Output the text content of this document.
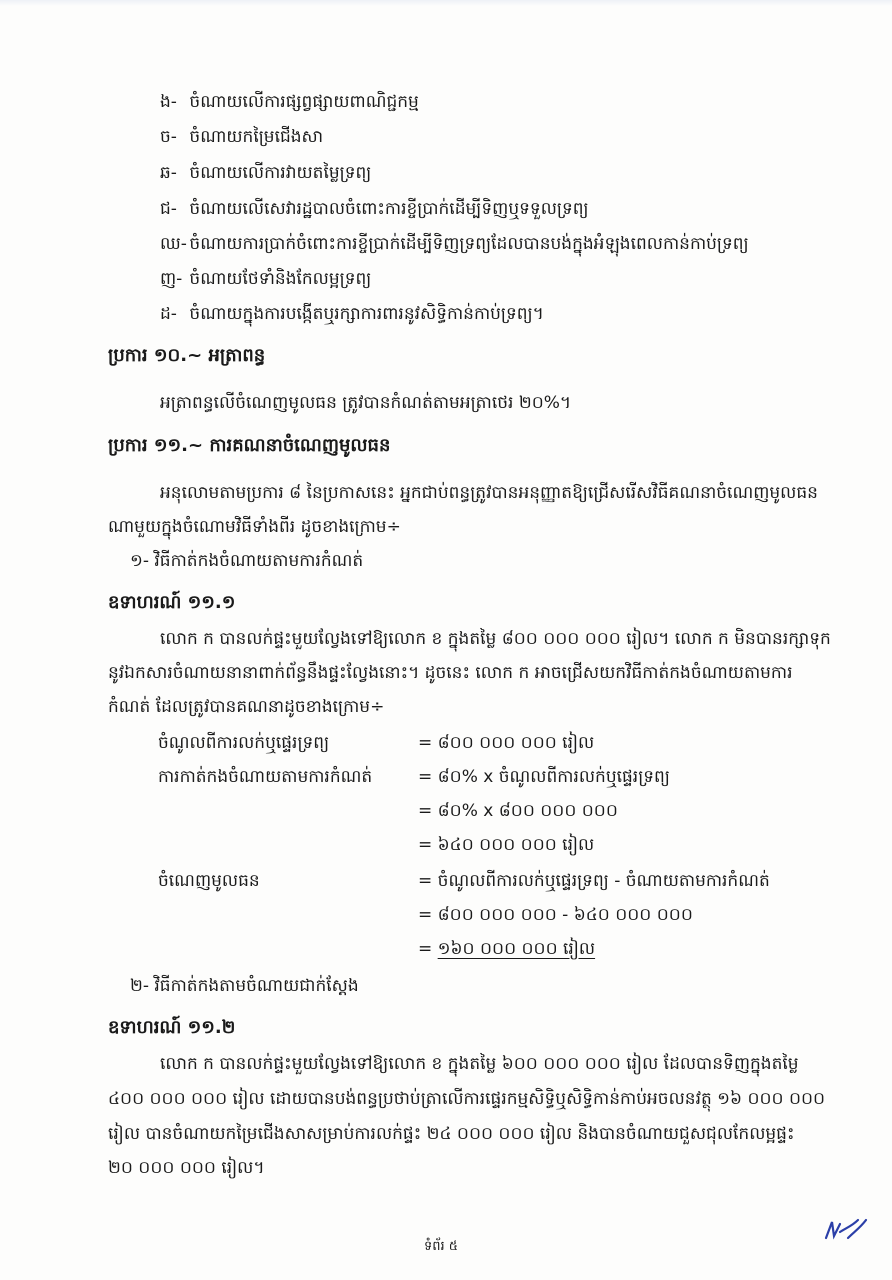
ង- ចំណាយលើការផ្សព្វផ្សាយពាណិជ្ជកម្ម
ច- ចំណាយកម្រៃជើងសា
ឆ- ចំណាយលើការវាយតម្លៃទ្រព្យ
ជ- ចំណាយលើសេវារដ្ឋបាលចំពោះការខ្ចីប្រាក់ដើម្បីទិញឬទទួលទ្រព្យ
ឈ- ចំណាយការប្រាក់ចំពោះការខ្ចីប្រាក់ដើម្បីទិញទ្រព្យដែលបានបង់ក្នុងអំឡុងពេលកាន់កាប់ទ្រព្យ
ញ- ចំណាយថែទាំនិងកែលម្អទ្រព្យ
ដ- ចំណាយក្នុងការបង្កើតឬរក្សាការពារនូវសិទ្ធិកាន់កាប់ទ្រព្យ។
ប្រការ ១០.~ អត្រាពន្ធ
អត្រាពន្ធលើចំណេញមូលធន ត្រូវបានកំណត់តាមអត្រាថេរ ២០%។
ប្រការ ១១.~ ការគណនាចំណេញមូលធន
អនុលោមតាមប្រការ ៨ នៃប្រកាសនេះ អ្នកជាប់ពន្ធត្រូវបានអនុញ្ញាតឱ្យជ្រើសរើសវិធីគណនាចំណេញមូលធន
ណាមួយក្នុងចំណោមវិធីទាំងពីរ ដូចខាងក្រោម÷
១- វិធីកាត់កងចំណាយតាមការកំណត់
ឧទាហរណ៍ ១១.១
លោក ក បានលក់ផ្ទះមួយល្វែងទៅឱ្យលោក ខ ក្នុងតម្លៃ ៨០០ ០០០ ០០០ រៀល។ លោក ក មិនបានរក្សាទុក
នូវឯកសារចំណាយនានាពាក់ព័ន្ធនឹងផ្ទះល្វែងនោះ។ ដូចនេះ លោក ក អាចជ្រើសយកវិធីកាត់កងចំណាយតាមការ
កំណត់ ដែលត្រូវបានគណនាដូចខាងក្រោម÷
ចំណូលពីការលក់ឬផ្ទេរទ្រព្យ	= ៨០០ ០០០ ០០០ រៀល
ការកាត់កងចំណាយតាមការកំណត់	= ៨០% x ចំណូលពីការលក់ឬផ្ទេរទ្រព្យ
= ៨០% x ៨០០ ០០០ ០០០
= ៦៤០ ០០០ ០០០ រៀល
ចំណេញមូលធន	= ចំណូលពីការលក់ឬផ្ទេរទ្រព្យ - ចំណាយតាមការកំណត់
= ៨០០ ០០០ ០០០ - ៦៤០ ០០០ ០០០
= ១៦០ ០០០ ០០០ រៀល
២- វិធីកាត់កងតាមចំណាយជាក់ស្តែង
ឧទាហរណ៍ ១១.២
លោក ក បានលក់ផ្ទះមួយល្វែងទៅឱ្យលោក ខ ក្នុងតម្លៃ ៦០០ ០០០ ០០០ រៀល ដែលបានទិញក្នុងតម្លៃ
៤០០ ០០០ ០០០ រៀល ដោយបានបង់ពន្ធប្រថាប់ត្រាលើការផ្ទេរកម្មសិទ្ធិឬសិទ្ធិកាន់កាប់អចលនវត្ថុ ១៦ ០០០ ០០០
រៀល បានចំណាយកម្រៃជើងសាសម្រាប់ការលក់ផ្ទះ ២៤ ០០០ ០០០ រៀល និងបានចំណាយជួសជុលកែលម្អផ្ទះ
២០ ០០០ ០០០ រៀល។
ទំព័រ ៥
